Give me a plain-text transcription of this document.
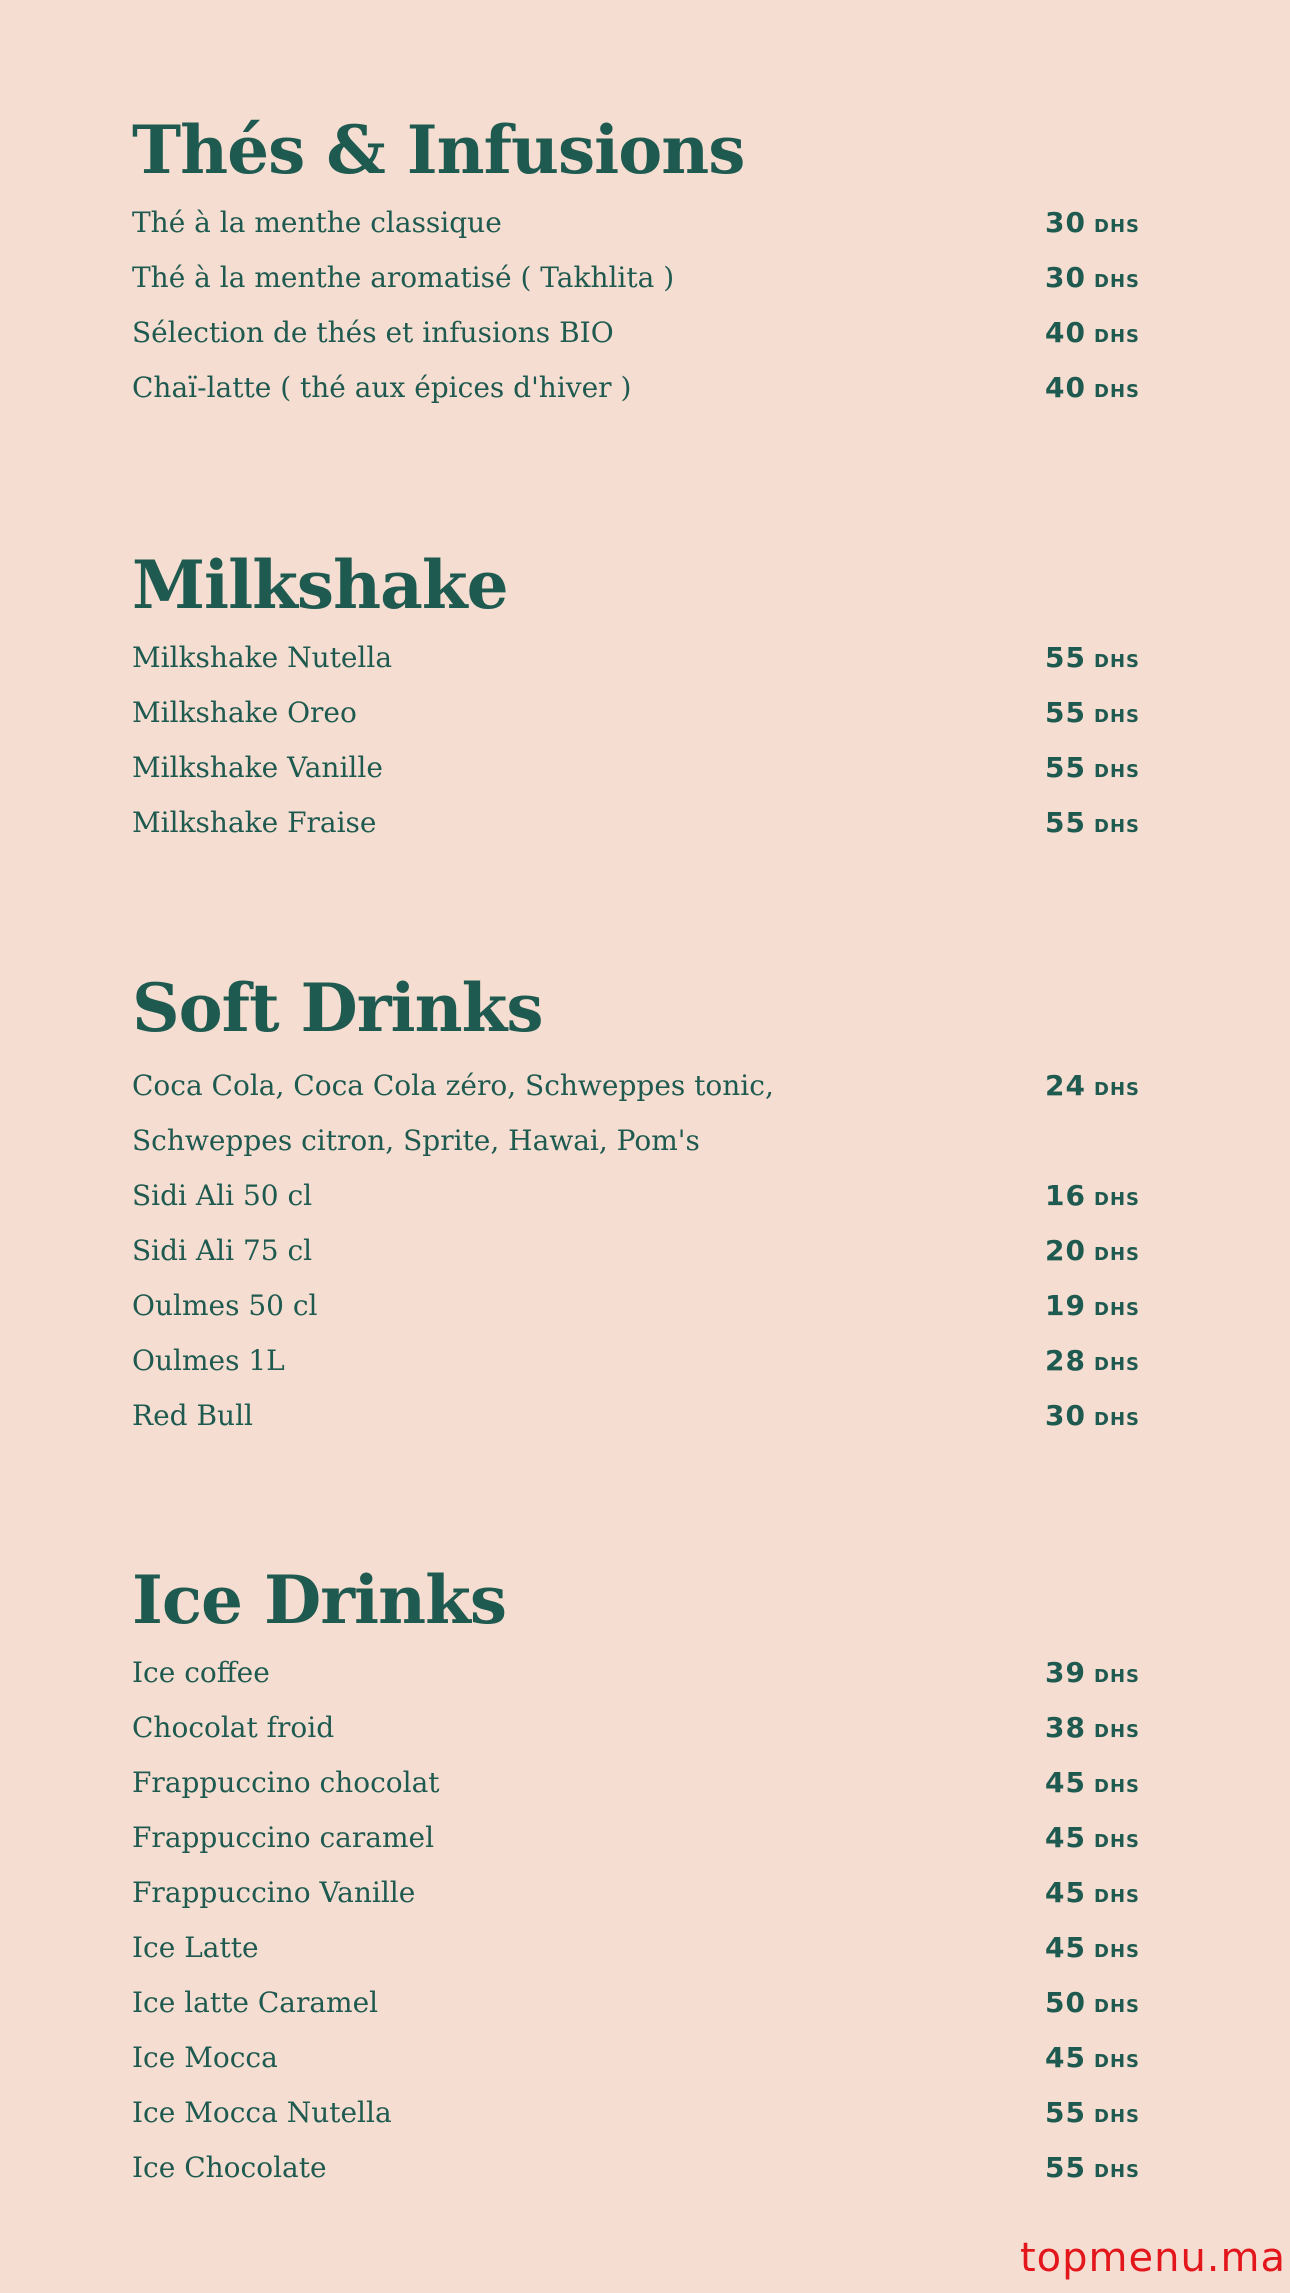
Thés & Infusions
Thé à la menthe classique	30 DHS
Thé à la menthe aromatisé ( Takhlita )	30 DHS
Sélection de thés et infusions BIO	40 DHS
Chaï-latte ( thé aux épices d'hiver )	40 DHS
Milkshake
Milkshake Nutella	55 DHS
Milkshake Oreo	55 DHS
Milkshake Vanille	55 DHS
Milkshake Fraise	55 DHS
Soft Drinks
Coca Cola, Coca Cola zéro, Schweppes tonic,	24 DHS
Schweppes citron, Sprite, Hawai, Pom's
Sidi Ali 50 cl	16 DHS
Sidi Ali 75 cl	20 DHS
Oulmes 50 cl	19 DHS
Oulmes 1L	28 DHS
Red Bull	30 DHS
Ice Drinks
Ice coffee	39 DHS
Chocolat froid	38 DHS
Frappuccino chocolat	45 DHS
Frappuccino caramel	45 DHS
Frappuccino Vanille	45 DHS
Ice Latte	45 DHS
Ice latte Caramel	50 DHS
Ice Mocca	45 DHS
Ice Mocca Nutella	55 DHS
Ice Chocolate	55 DHS
topmenu.ma
